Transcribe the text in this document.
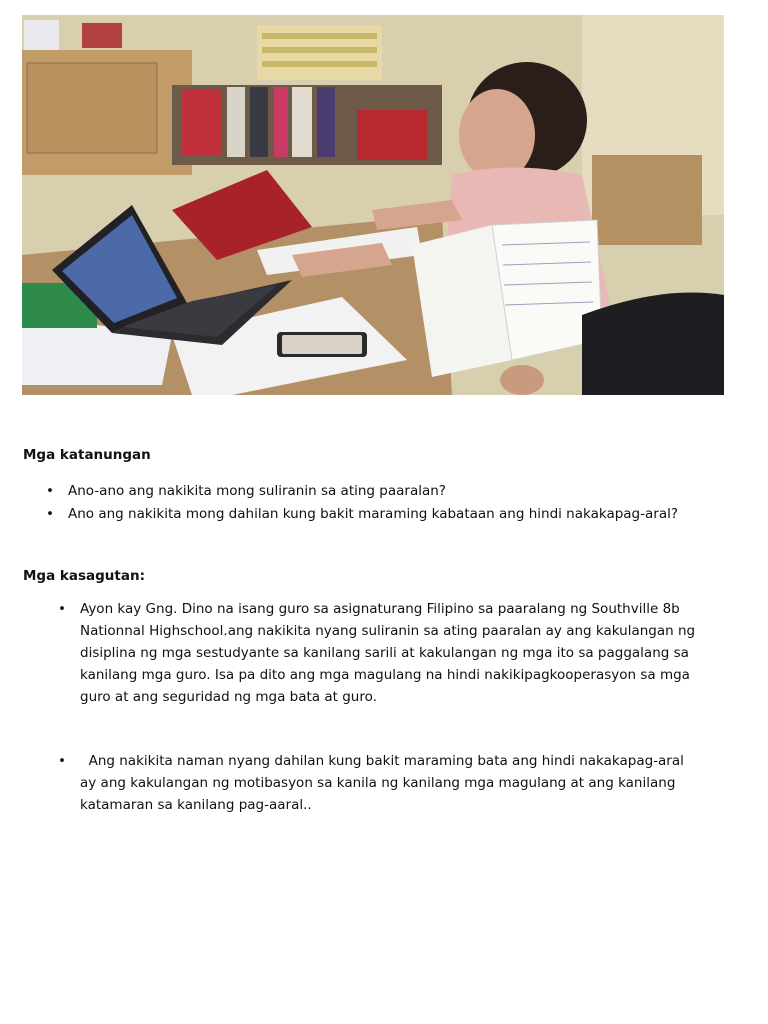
Mga katanungan
• Ano-ano ang nakikita mong suliranin sa ating paaralan?
• Ano ang nakikita mong dahilan kung bakit maraming kabataan ang hindi nakakapag-aral?
Mga kasagutan:
• Ayon kay Gng. Dino na isang guro sa asignaturang Filipino sa paaralang ng Southville 8b
Nationnal Highschool.ang nakikita nyang suliranin sa ating paaralan ay ang kakulangan ng
disiplina ng mga sestudyante sa kanilang sarili at kakulangan ng mga ito sa paggalang sa
kanilang mga guro. Isa pa dito ang mga magulang na hindi nakikipagkooperasyon sa mga
guro at ang seguridad ng mga bata at guro.
• Ang nakikita naman nyang dahilan kung bakit maraming bata ang hindi nakakapag-aral
ay ang kakulangan ng motibasyon sa kanila ng kanilang mga magulang at ang kanilang
katamaran sa kanilang pag-aaral..
